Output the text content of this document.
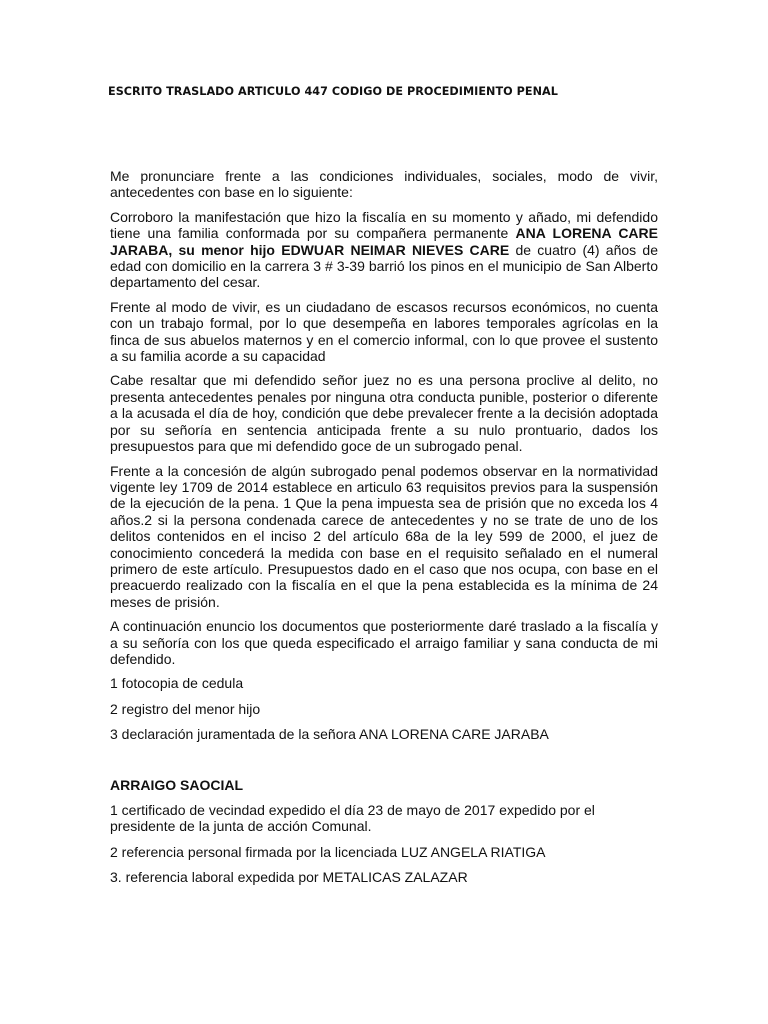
ESCRITO TRASLADO ARTICULO 447 CODIGO DE PROCEDIMIENTO PENAL

Me pronunciare frente a las condiciones individuales, sociales, modo de vivir, antecedentes con base en lo siguiente:

Corroboro la manifestación que hizo la fiscalía en su momento y añado, mi defendido tiene una familia conformada por su compañera permanente ANA LORENA CARE JARABA, su menor hijo EDWUAR NEIMAR NIEVES CARE de cuatro (4) años de edad con domicilio en la carrera 3 # 3-39 barrió los pinos en el municipio de San Alberto departamento del cesar.

Frente al modo de vivir, es un ciudadano de escasos recursos económicos, no cuenta con un trabajo formal, por lo que desempeña en labores temporales agrícolas en la finca de sus abuelos maternos y en el comercio informal, con lo que provee el sustento a su familia acorde a su capacidad

Cabe resaltar que mi defendido señor juez no es una persona proclive al delito, no presenta antecedentes penales por ninguna otra conducta punible, posterior o diferente a la acusada el día de hoy, condición que debe prevalecer frente a la decisión adoptada por su señoría en sentencia anticipada frente a su nulo prontuario, dados los presupuestos para que mi defendido goce de un subrogado penal.

Frente a la concesión de algún subrogado penal podemos observar en la normatividad vigente ley 1709 de 2014 establece en articulo 63 requisitos previos para la suspensión de la ejecución de la pena. 1 Que la pena impuesta sea de prisión que no exceda los 4 años.2 si la persona condenada carece de antecedentes y no se trate de uno de los delitos contenidos en el inciso 2 del artículo 68a de la ley 599 de 2000, el juez de conocimiento concederá la medida con base en el requisito señalado en el numeral primero de este artículo. Presupuestos dado en el caso que nos ocupa, con base en el preacuerdo realizado con la fiscalía en el que la pena establecida es la mínima de 24 meses de prisión.

A continuación enuncio los documentos que posteriormente daré traslado a la fiscalía y a su señoría con los que queda especificado el arraigo familiar y sana conducta de mi defendido.

1 fotocopia de cedula

2 registro del menor hijo

3 declaración juramentada de la señora ANA LORENA CARE JARABA

ARRAIGO SAOCIAL

1 certificado de vecindad expedido el día 23 de mayo de 2017 expedido por el presidente de la junta de acción Comunal.

2 referencia personal firmada por la licenciada LUZ ANGELA RIATIGA

3. referencia laboral expedida por METALICAS ZALAZAR
